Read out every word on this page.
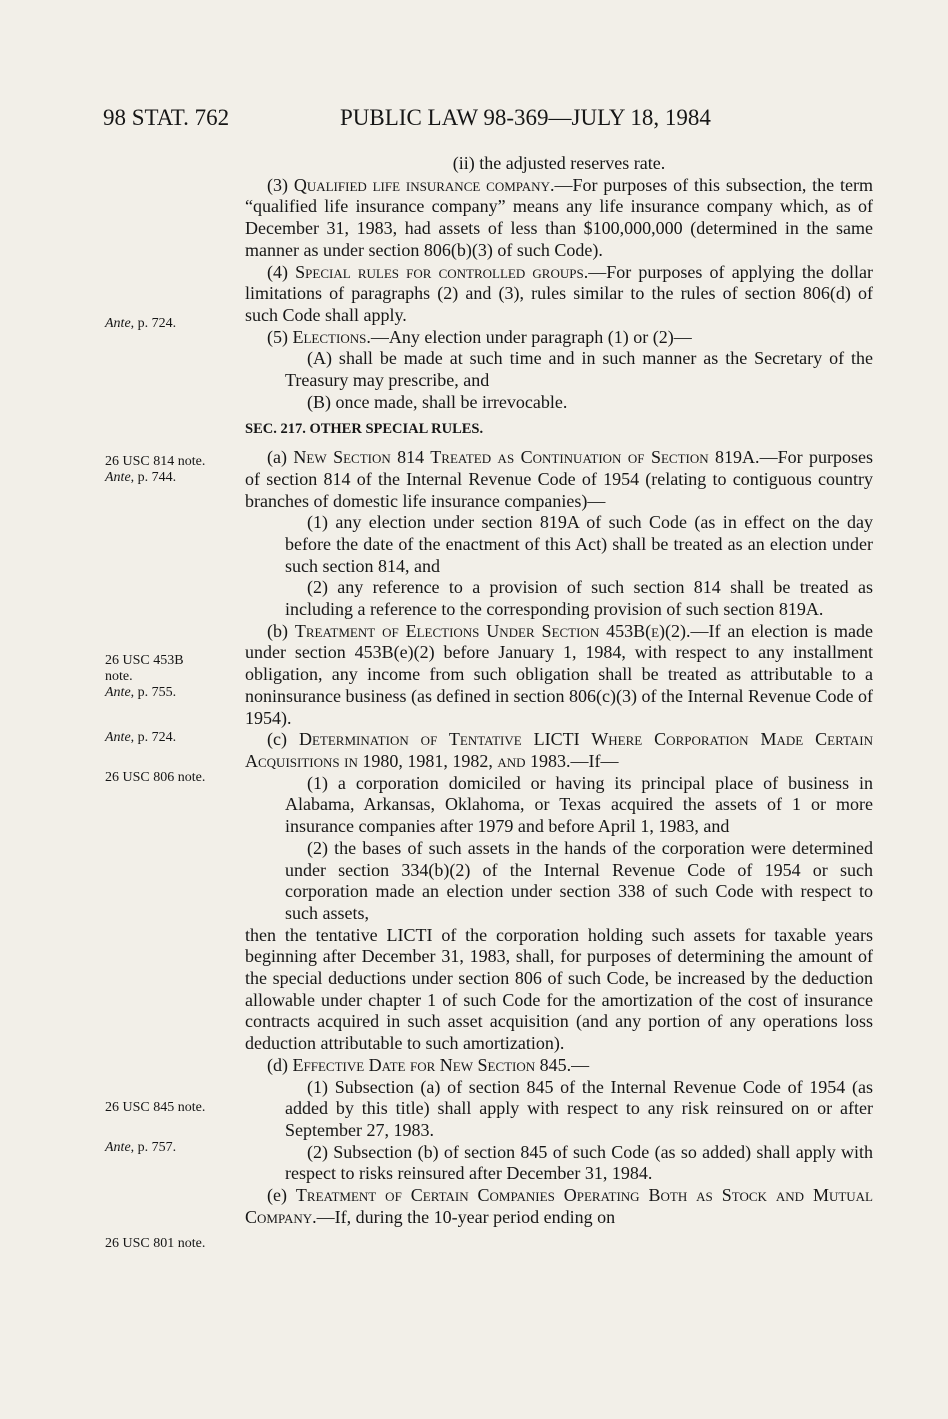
98 STAT. 762	PUBLIC LAW 98-369—JULY 18, 1984
Ante, p. 724.
26 USC 814 note.
Ante, p. 744.
26 USC 453B
note.
Ante, p. 755.
Ante, p. 724.
26 USC 806 note.
26 USC 845 note.
Ante, p. 757.
26 USC 801 note.

(ii) the adjusted reserves rate.

(3) Qualified life insurance company.—For purposes of this subsection, the term “qualified life insurance company” means any life insurance company which, as of December 31, 1983, had assets of less than $100,000,000 (determined in the same manner as under section 806(b)(3) of such Code).

(4) Special rules for controlled groups.—For purposes of applying the dollar limitations of paragraphs (2) and (3), rules similar to the rules of section 806(d) of such Code shall apply.

(5) Elections.—Any election under paragraph (1) or (2)—

(A) shall be made at such time and in such manner as the Secretary of the Treasury may prescribe, and

(B) once made, shall be irrevocable.

SEC. 217. OTHER SPECIAL RULES.

(a) New Section 814 Treated as Continuation of Section 819A.—For purposes of section 814 of the Internal Revenue Code of 1954 (relating to contiguous country branches of domestic life insurance companies)—

(1) any election under section 819A of such Code (as in effect on the day before the date of the enactment of this Act) shall be treated as an election under such section 814, and

(2) any reference to a provision of such section 814 shall be treated as including a reference to the corresponding provision of such section 819A.

(b) Treatment of Elections Under Section 453B(e)(2).—If an election is made under section 453B(e)(2) before January 1, 1984, with respect to any installment obligation, any income from such obligation shall be treated as attributable to a noninsurance business (as defined in section 806(c)(3) of the Internal Revenue Code of 1954).

(c) Determination of Tentative LICTI Where Corporation Made Certain Acquisitions in 1980, 1981, 1982, and 1983.—If—

(1) a corporation domiciled or having its principal place of business in Alabama, Arkansas, Oklahoma, or Texas acquired the assets of 1 or more insurance companies after 1979 and before April 1, 1983, and

(2) the bases of such assets in the hands of the corporation were determined under section 334(b)(2) of the Internal Revenue Code of 1954 or such corporation made an election under section 338 of such Code with respect to such assets,

then the tentative LICTI of the corporation holding such assets for taxable years beginning after December 31, 1983, shall, for purposes of determining the amount of the special deductions under section 806 of such Code, be increased by the deduction allowable under chapter 1 of such Code for the amortization of the cost of insurance contracts acquired in such asset acquisition (and any portion of any operations loss deduction attributable to such amortization).

(d) Effective Date for New Section 845.—

(1) Subsection (a) of section 845 of the Internal Revenue Code of 1954 (as added by this title) shall apply with respect to any risk reinsured on or after September 27, 1983.

(2) Subsection (b) of section 845 of such Code (as so added) shall apply with respect to risks reinsured after December 31, 1984.

(e) Treatment of Certain Companies Operating Both as Stock and Mutual Company.—If, during the 10-year period ending on
